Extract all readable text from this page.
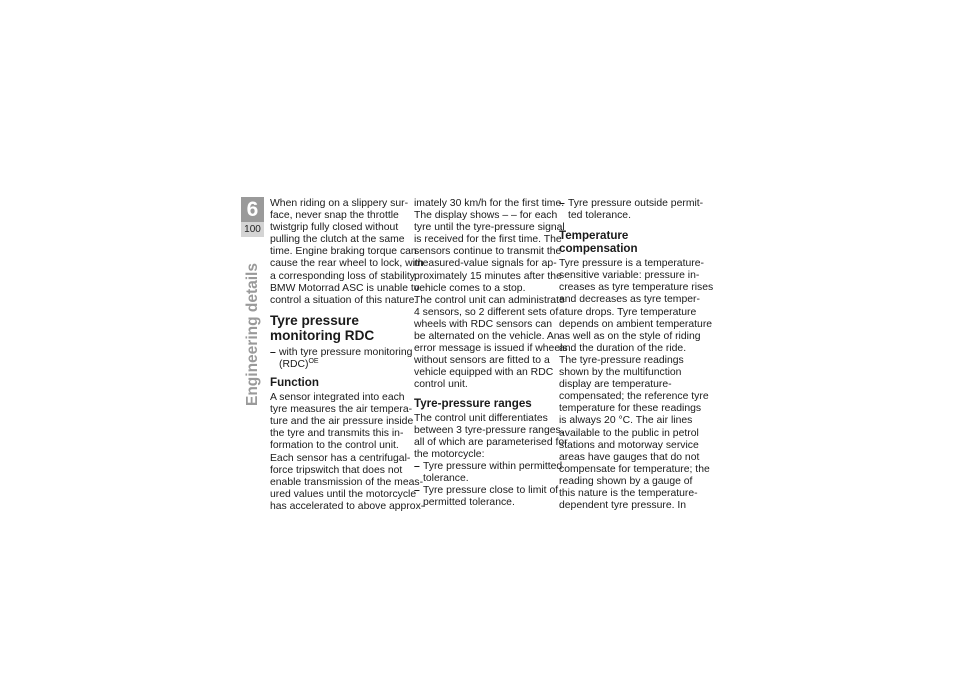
6
100
Engineering details

When riding on a slippery sur-
face, never snap the throttle
twistgrip fully closed without
pulling the clutch at the same
time. Engine braking torque can
cause the rear wheel to lock, with
a corresponding loss of stability.
BMW Motorrad ASC is unable to
control a situation of this nature.

Tyre pressure
monitoring RDC
– with tyre pressure monitoring
(RDC)$^{OE}$
Function

A sensor integrated into each
tyre measures the air tempera-
ture and the air pressure inside
the tyre and transmits this in-
formation to the control unit.
Each sensor has a centrifugal-
force tripswitch that does not
enable transmission of the meas-
ured values until the motorcycle
has accelerated to above approx-

imately 30 km/h for the first time.
The display shows – – for each
tyre until the tyre-pressure signal
is received for the first time. The
sensors continue to transmit the
measured-value signals for ap-
proximately 15 minutes after the
vehicle comes to a stop.
The control unit can administrate
4 sensors, so 2 different sets of
wheels with RDC sensors can
be alternated on the vehicle. An
error message is issued if wheels
without sensors are fitted to a
vehicle equipped with an RDC
control unit.

Tyre-pressure ranges

The control unit differentiates
between 3 tyre-pressure ranges,
all of which are parameterised for
the motorcycle:

– Tyre pressure within permitted
tolerance.
– Tyre pressure close to limit of
permitted tolerance.
– Tyre pressure outside permit-
ted tolerance.
Temperature
compensation

Tyre pressure is a temperature-
sensitive variable: pressure in-
creases as tyre temperature rises
and decreases as tyre temper-
ature drops. Tyre temperature
depends on ambient temperature
as well as on the style of riding
and the duration of the ride.
The tyre-pressure readings
shown by the multifunction
display are temperature-
compensated; the reference tyre
temperature for these readings
is always 20 °C. The air lines
available to the public in petrol
stations and motorway service
areas have gauges that do not
compensate for temperature; the
reading shown by a gauge of
this nature is the temperature-
dependent tyre pressure. In
